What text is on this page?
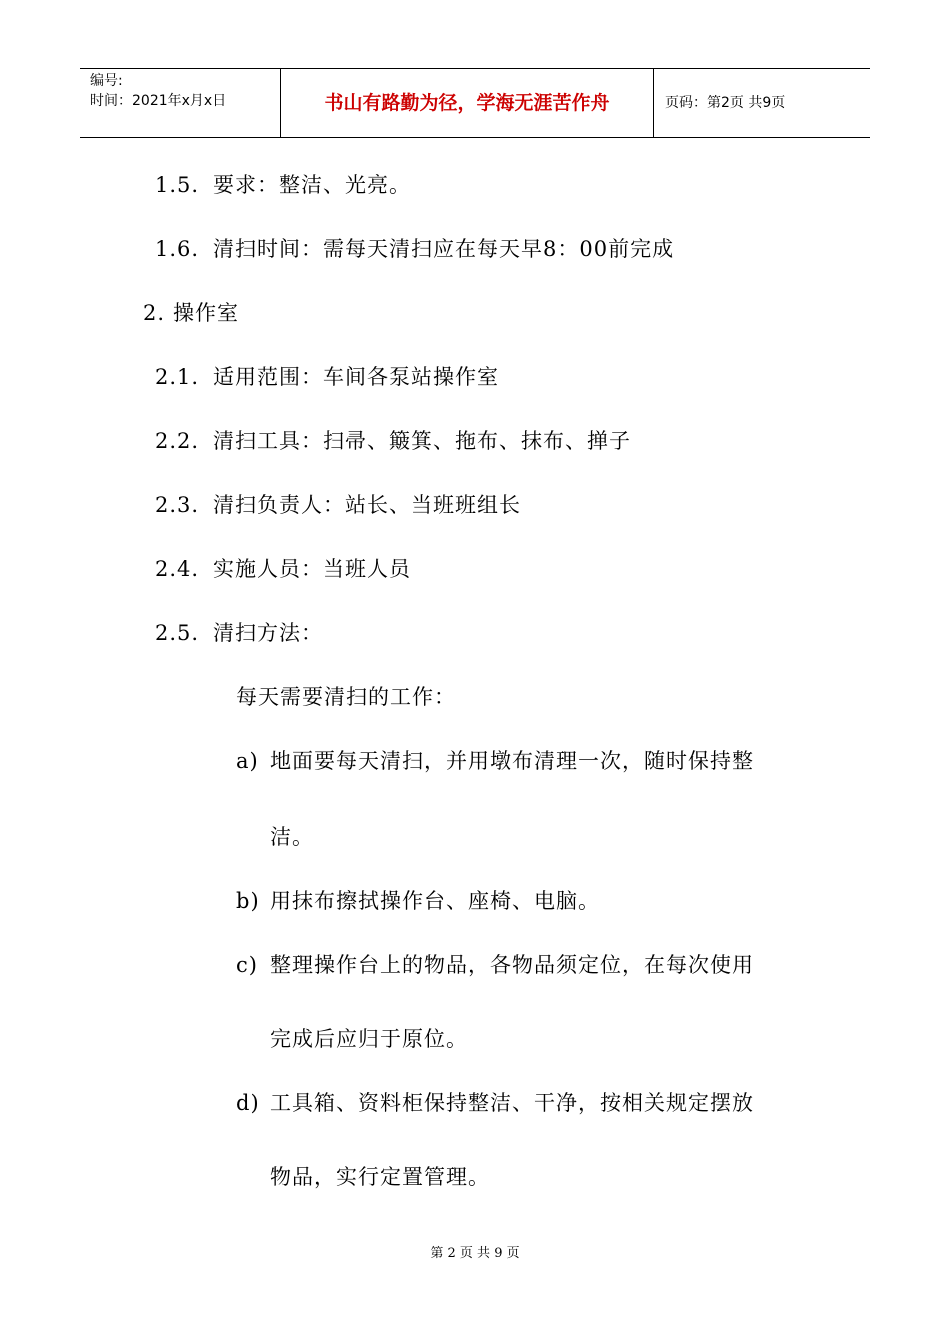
编号:
时间：2021年x月x日	书山有路勤为径，学海无涯苦作舟	页码：第2页 共9页
1.5. 要求：整洁、光亮。
1.6. 清扫时间：需每天清扫应在每天早8：00前完成
2. 操作室
2.1. 适用范围：车间各泵站操作室
2.2. 清扫工具：扫帚、簸箕、拖布、抹布、掸子
2.3. 清扫负责人：站长、当班班组长
2.4. 实施人员：当班人员
2.5. 清扫方法：
每天需要清扫的工作：
a) 地面要每天清扫，并用墩布清理一次，随时保持整
洁。
b) 用抹布擦拭操作台、座椅、电脑。
c) 整理操作台上的物品，各物品须定位，在每次使用
完成后应归于原位。
d) 工具箱、资料柜保持整洁、干净，按相关规定摆放
物品，实行定置管理。
第 2 页 共 9 页
